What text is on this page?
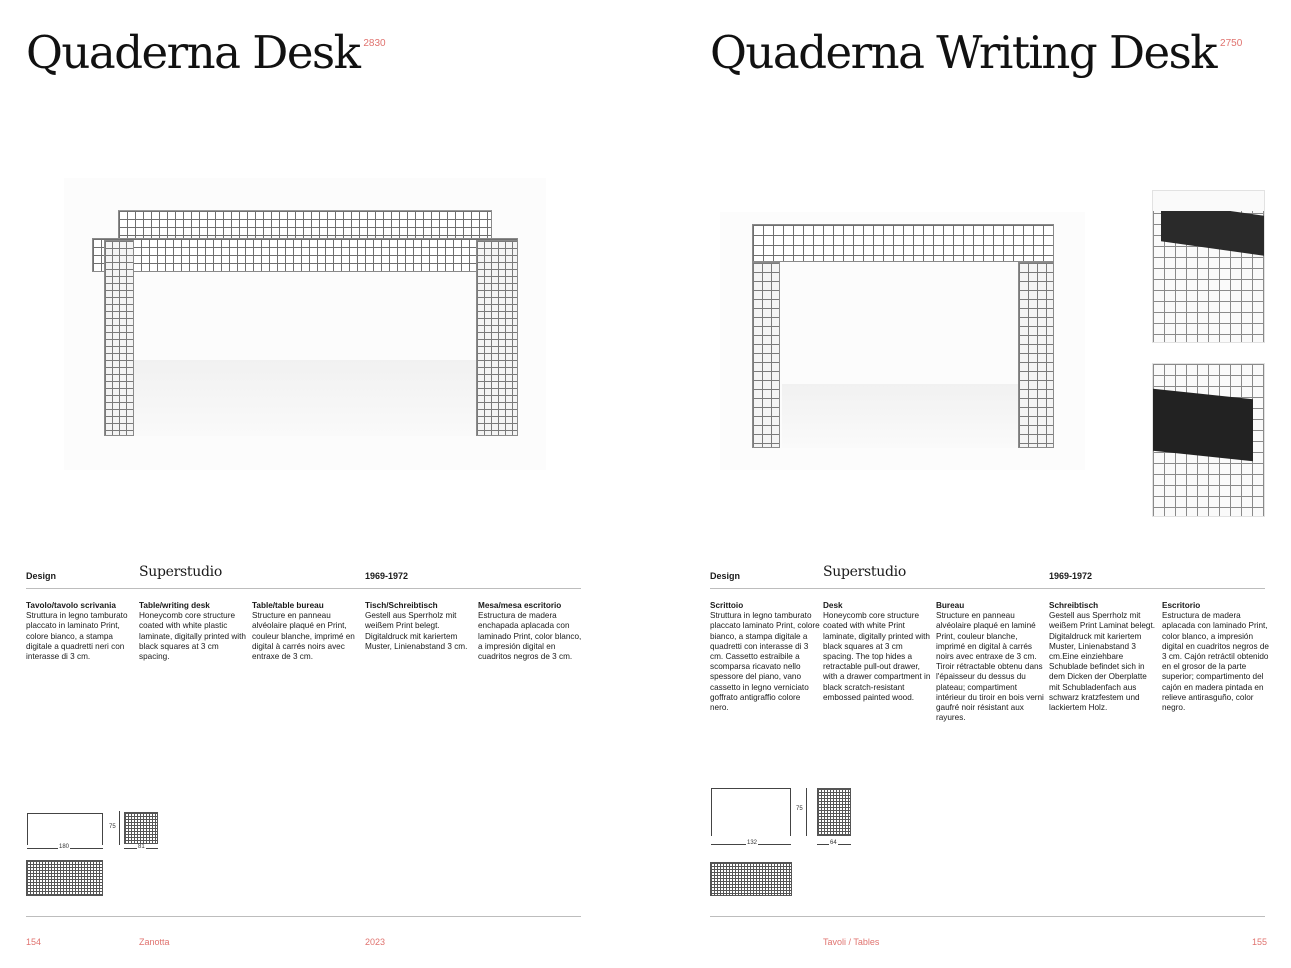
Quaderna Desk $^{2830}$
Design	Superstudio	1969-1972
Tavolo/tavolo scrivania
Struttura in legno tamburato placcato in laminato Print, colore bianco, a stampa digitale a quadretti neri con interasse di 3 cm.
Table/writing desk
Honeycomb core structure coated with white plastic laminate, digitally printed with black squares at 3 cm spacing.
Table/table bureau
Structure en panneau alvéolaire plaqué en Print, couleur blanche, imprimé en digital à carrés noirs avec entraxe de 3 cm.
Tisch/Schreibtisch
Gestell aus Sperrholz mit weißem Print belegt. Digitaldruck mit kariertem Muster, Linienabstand 3 cm.
Mesa/mesa escritorio
Estructura de madera enchapada aplacada con laminado Print, color blanco, a impresión digital en cuadritos negros de 3 cm.
180
75
81
154	Zanotta	2023
Quaderna Writing Desk $^{2750}$
Design	Superstudio	1969-1972
Scrittoio
Struttura in legno tamburato placcato laminato Print, colore bianco, a stampa digitale a quadretti con interasse di 3 cm. Cassetto estraibile a scomparsa ricavato nello spessore del piano, vano cassetto in legno verniciato goffrato antigraffio colore nero.
Desk
Honeycomb core structure coated with white Print laminate, digitally printed with black squares at 3 cm spacing. The top hides a retractable pull-out drawer, with a drawer compartment in black scratch-resistant embossed painted wood.
Bureau
Structure en panneau alvéolaire plaqué en laminé Print, couleur blanche, imprimé en digital à carrés noirs avec entraxe de 3 cm. Tiroir rétractable obtenu dans l'épaisseur du dessus du plateau; compartiment intérieur du tiroir en bois verni gaufré noir résistant aux rayures.
Schreibtisch
Gestell aus Sperrholz mit weißem Print Laminat belegt. Digitaldruck mit kariertem Muster, Linienabstand 3 cm.Eine einziehbare Schublade befindet sich in dem Dicken der Oberplatte mit Schubladenfach aus schwarz kratzfestem und lackiertem Holz.
Escritorio
Estructura de madera aplacada con laminado Print, color blanco, a impresión digital en cuadritos negros de 3 cm. Cajón retráctil obtenido en el grosor de la parte superior; compartimento del cajón en madera pintada en relieve antirasguño, color negro.
132
75
64
Tavoli / Tables	155
